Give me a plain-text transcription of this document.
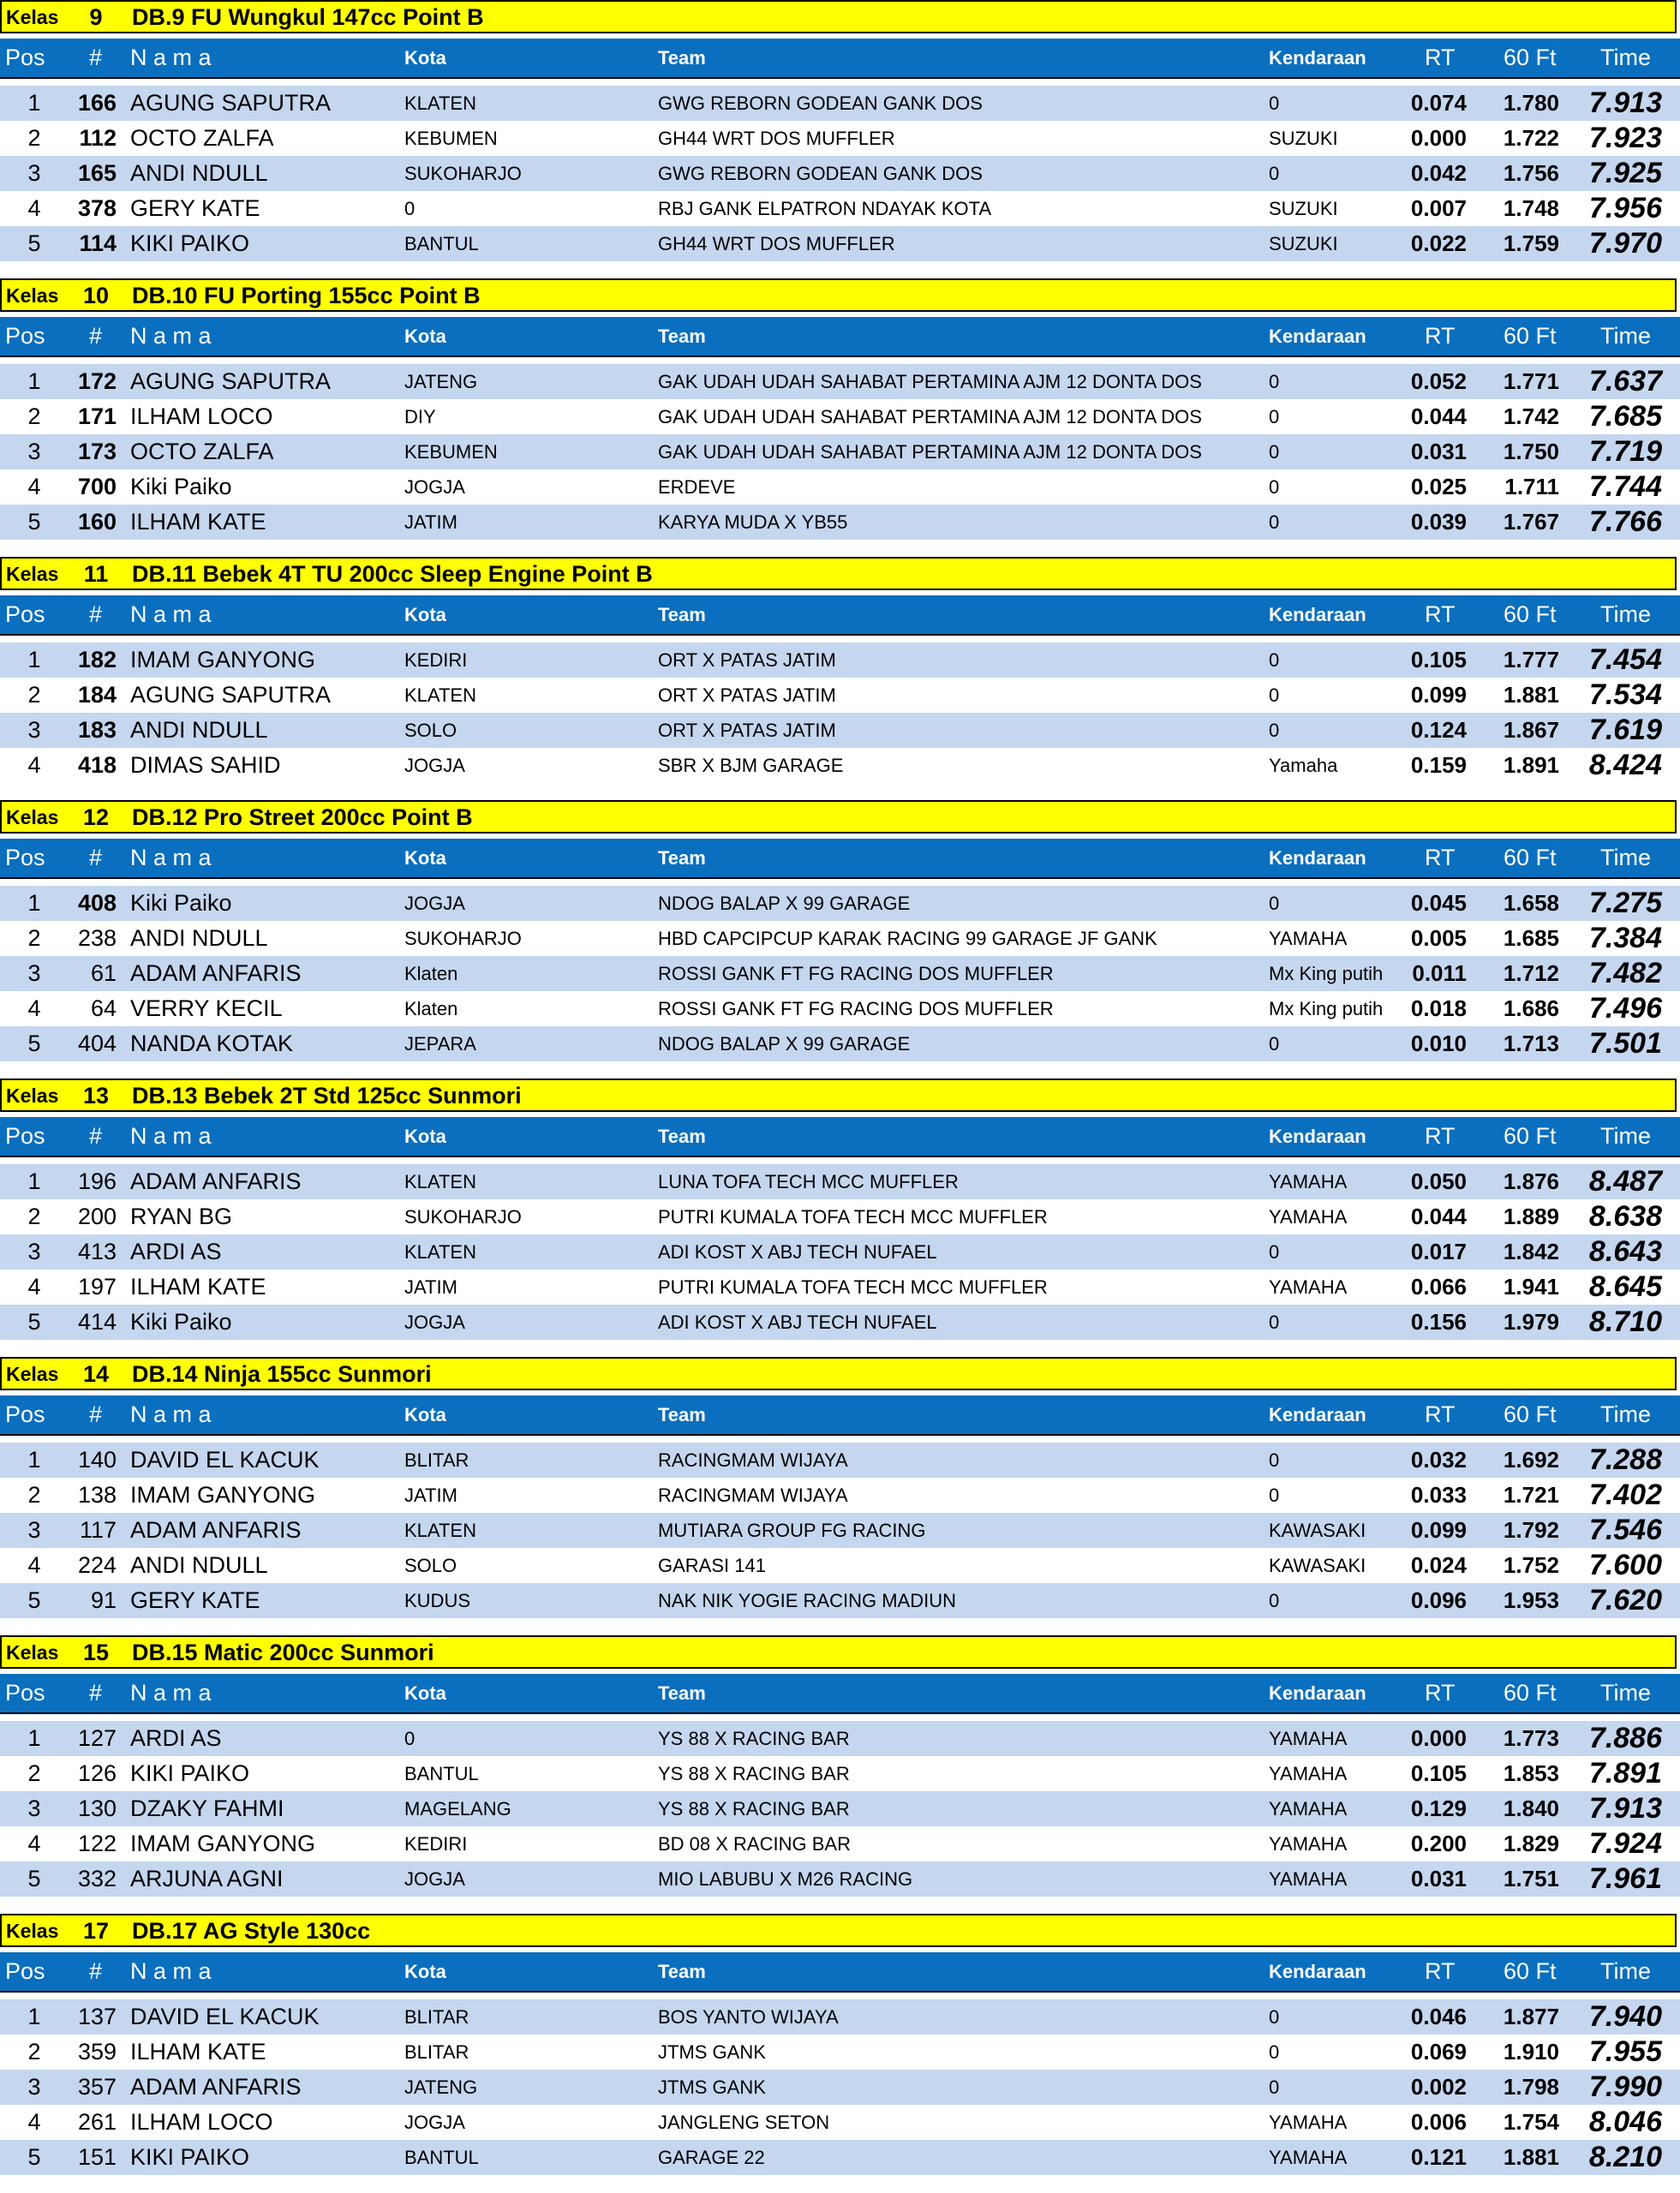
Kelas	9	DB.9 FU Wungkul 147cc Point B
Pos # N a m a	Kota	Team	Kendaraan	RT 60 Ft Time
1	166 AGUNG SAPUTRA	KLATEN	GWG REBORN GODEAN GANK DOS	0	0.074	1.780	7.913
2	112 OCTO ZALFA	KEBUMEN	GH44 WRT DOS MUFFLER	SUZUKI	0.000	1.722	7.923
3	165 ANDI NDULL	SUKOHARJO	GWG REBORN GODEAN GANK DOS	0	0.042	1.756	7.925
4	378 GERY KATE	0	RBJ GANK ELPATRON NDAYAK KOTA	SUZUKI	0.007	1.748	7.956
5	114 KIKI PAIKO	BANTUL	GH44 WRT DOS MUFFLER	SUZUKI	0.022	1.759	7.970
Kelas 10 DB.10 FU Porting 155cc Point B
Pos # N a m a	Kota	Team	Kendaraan	RT 60 Ft Time
1	172 AGUNG SAPUTRA	JATENG	GAK UDAH UDAH SAHABAT PERTAMINA AJM 12 DONTA DOS	0	0.052	1.771	7.637
2	171 ILHAM LOCO	DIY	GAK UDAH UDAH SAHABAT PERTAMINA AJM 12 DONTA DOS	0	0.044	1.742	7.685
3	173 OCTO ZALFA	KEBUMEN	GAK UDAH UDAH SAHABAT PERTAMINA AJM 12 DONTA DOS	0	0.031	1.750	7.719
4	700 Kiki Paiko	JOGJA	ERDEVE	0	0.025	1.711	7.744
5	160 ILHAM KATE	JATIM	KARYA MUDA X YB55	0	0.039	1.767	7.766
Kelas 11 DB.11 Bebek 4T TU 200cc Sleep Engine Point B
Pos # N a m a	Kota	Team	Kendaraan	RT 60 Ft Time
1	182 IMAM GANYONG	KEDIRI	ORT X PATAS JATIM	0	0.105	1.777	7.454
2	184 AGUNG SAPUTRA	KLATEN	ORT X PATAS JATIM	0	0.099	1.881	7.534
3	183 ANDI NDULL	SOLO	ORT X PATAS JATIM	0	0.124	1.867	7.619
4	418 DIMAS SAHID	JOGJA	SBR X BJM GARAGE	Yamaha	0.159	1.891	8.424
Kelas 12 DB.12 Pro Street 200cc Point B
Pos # N a m a	Kota	Team	Kendaraan	RT 60 Ft Time
1	408 Kiki Paiko	JOGJA	NDOG BALAP X 99 GARAGE	0	0.045	1.658	7.275
2	238 ANDI NDULL	SUKOHARJO	HBD CAPCIPCUP KARAK RACING 99 GARAGE JF GANK	YAMAHA	0.005	1.685	7.384
3	61 ADAM ANFARIS	Klaten	ROSSI GANK FT FG RACING DOS MUFFLER	Mx King putih	0.011	1.712	7.482
4	64 VERRY KECIL	Klaten	ROSSI GANK FT FG RACING DOS MUFFLER	Mx King putih	0.018	1.686	7.496
5	404 NANDA KOTAK	JEPARA	NDOG BALAP X 99 GARAGE	0	0.010	1.713	7.501
Kelas 13 DB.13 Bebek 2T Std 125cc Sunmori
Pos # N a m a	Kota	Team	Kendaraan	RT 60 Ft Time
1	196 ADAM ANFARIS	KLATEN	LUNA TOFA TECH MCC MUFFLER	YAMAHA	0.050	1.876	8.487
2	200 RYAN BG	SUKOHARJO	PUTRI KUMALA TOFA TECH MCC MUFFLER	YAMAHA	0.044	1.889	8.638
3	413 ARDI AS	KLATEN	ADI KOST X ABJ TECH NUFAEL	0	0.017	1.842	8.643
4	197 ILHAM KATE	JATIM	PUTRI KUMALA TOFA TECH MCC MUFFLER	YAMAHA	0.066	1.941	8.645
5	414 Kiki Paiko	JOGJA	ADI KOST X ABJ TECH NUFAEL	0	0.156	1.979	8.710
Kelas 14 DB.14 Ninja 155cc Sunmori
Pos # N a m a	Kota	Team	Kendaraan	RT 60 Ft Time
1	140 DAVID EL KACUK	BLITAR	RACINGMAM WIJAYA	0	0.032	1.692	7.288
2	138 IMAM GANYONG	JATIM	RACINGMAM WIJAYA	0	0.033	1.721	7.402
3	117 ADAM ANFARIS	KLATEN	MUTIARA GROUP FG RACING	KAWASAKI	0.099	1.792	7.546
4	224 ANDI NDULL	SOLO	GARASI 141	KAWASAKI	0.024	1.752	7.600
5	91 GERY KATE	KUDUS	NAK NIK YOGIE RACING MADIUN	0	0.096	1.953	7.620
Kelas 15 DB.15 Matic 200cc Sunmori
Pos # N a m a	Kota	Team	Kendaraan	RT 60 Ft Time
1	127 ARDI AS	0	YS 88 X RACING BAR	YAMAHA	0.000	1.773	7.886
2	126 KIKI PAIKO	BANTUL	YS 88 X RACING BAR	YAMAHA	0.105	1.853	7.891
3	130 DZAKY FAHMI	MAGELANG	YS 88 X RACING BAR	YAMAHA	0.129	1.840	7.913
4	122 IMAM GANYONG	KEDIRI	BD 08 X RACING BAR	YAMAHA	0.200	1.829	7.924
5	332 ARJUNA AGNI	JOGJA	MIO LABUBU X M26 RACING	YAMAHA	0.031	1.751	7.961
Kelas 17 DB.17 AG Style 130cc
Pos # N a m a	Kota	Team	Kendaraan	RT 60 Ft Time
1	137 DAVID EL KACUK	BLITAR	BOS YANTO WIJAYA	0	0.046	1.877	7.940
2	359 ILHAM KATE	BLITAR	JTMS GANK	0	0.069	1.910	7.955
3	357 ADAM ANFARIS	JATENG	JTMS GANK	0	0.002	1.798	7.990
4	261 ILHAM LOCO	JOGJA	JANGLENG SETON	YAMAHA	0.006	1.754	8.046
5	151 KIKI PAIKO	BANTUL	GARAGE 22	YAMAHA	0.121	1.881	8.210
